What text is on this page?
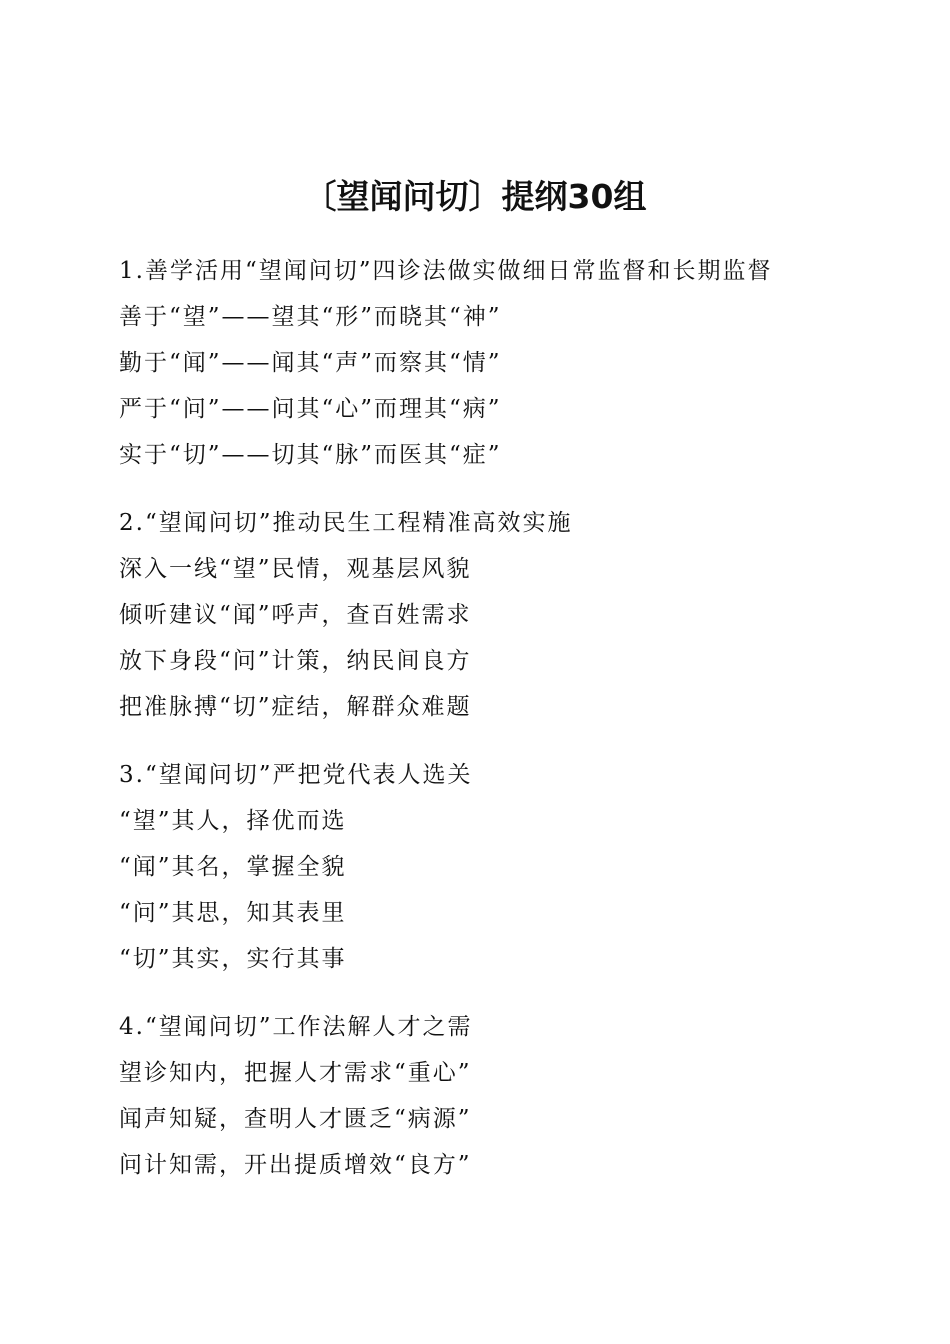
〔望闻问切〕提纲30组
1.善学活用“望闻问切”四诊法做实做细日常监督和长期监督
善于“望”——望其“形”而晓其“神”
勤于“闻”——闻其“声”而察其“情”
严于“问”——问其“心”而理其“病”
实于“切”——切其“脉”而医其“症”
2.“望闻问切”推动民生工程精准高效实施
深入一线“望”民情，观基层风貌
倾听建议“闻”呼声，查百姓需求
放下身段“问”计策，纳民间良方
把准脉搏“切”症结，解群众难题
3.“望闻问切”严把党代表人选关
“望”其人，择优而选
“闻”其名，掌握全貌
“问”其思，知其表里
“切”其实，实行其事
4.“望闻问切”工作法解人才之需
望诊知内，把握人才需求“重心”
闻声知疑，查明人才匮乏“病源”
问计知需，开出提质增效“良方”
